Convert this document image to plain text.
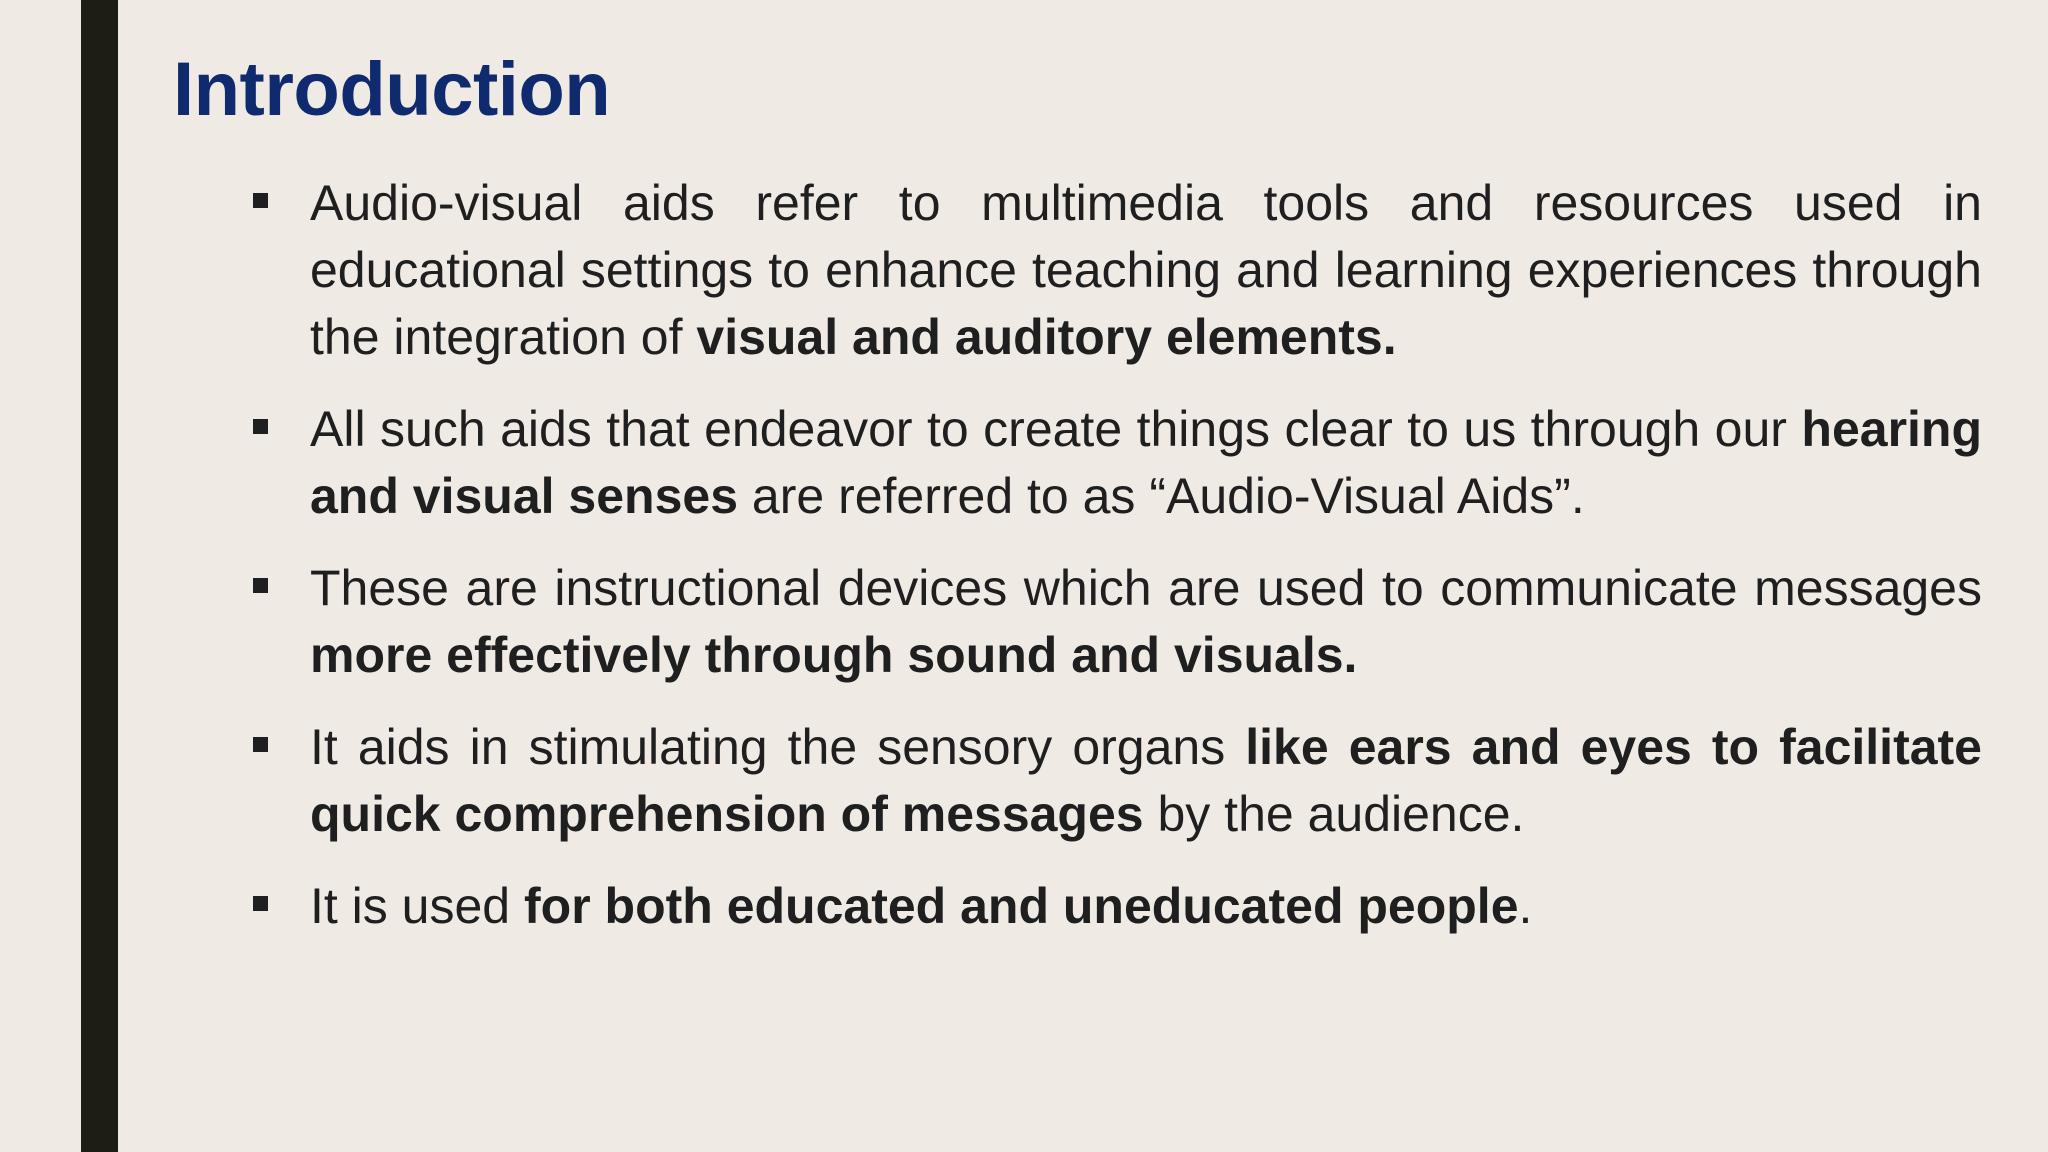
Introduction
Audio-visual aids refer to multimedia tools and resources used in educational settings to enhance teaching and learning experiences through the integration of visual and auditory elements.
All such aids that endeavor to create things clear to us through our hearing and visual senses are referred to as “Audio-Visual Aids”.
These are instructional devices which are used to communicate messages more effectively through sound and visuals.
It aids in stimulating the sensory organs like ears and eyes to facilitate quick comprehension of messages by the audience.
It is used for both educated and uneducated people.
